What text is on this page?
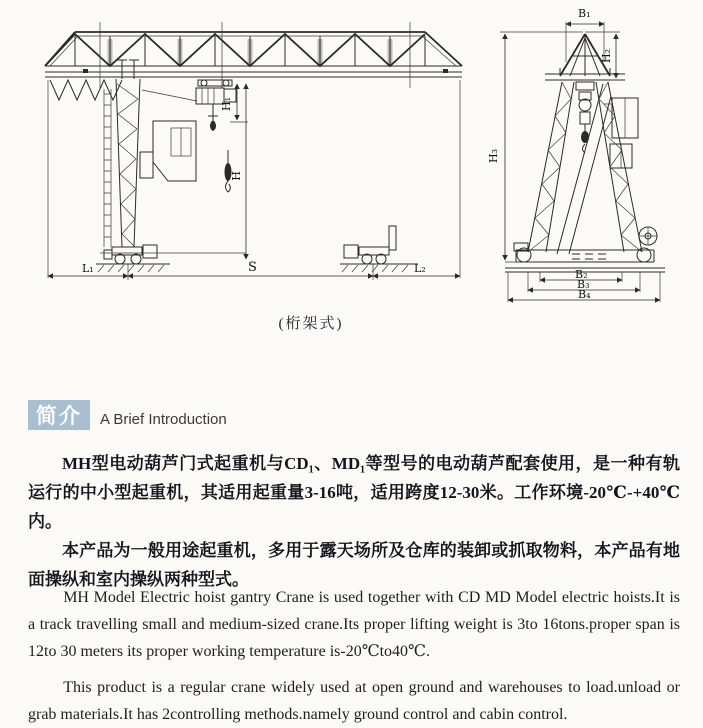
L₁	S	L₂
H₁
H
B₁
H₂
H₃
B₂
B₃
B₄
(桁架式)
简介	A Brief Introduction

MH型电动葫芦门式起重机与CD₁、MD₁等型号的电动葫芦配套使用，是一种有轨运行的中小型起重机，其适用起重量3-16吨，适用跨度12-30米。工作环境-20℃-+40℃内。

本产品为一般用途起重机，多用于露天场所及仓库的装卸或抓取物料，本产品有地面操纵和室内操纵两种型式。

MH Model Electric hoist gantry Crane is used together with CD MD Model electric hoists.It is a track travelling small and medium-sized crane.Its proper lifting weight is 3to 16tons.proper span is 12to 30 meters its proper working temperature is-20℃to40℃.

This product is a regular crane widely used at open ground and warehouses to load.unload or grab materials.It has 2controlling methods.namely ground control and cabin control.
